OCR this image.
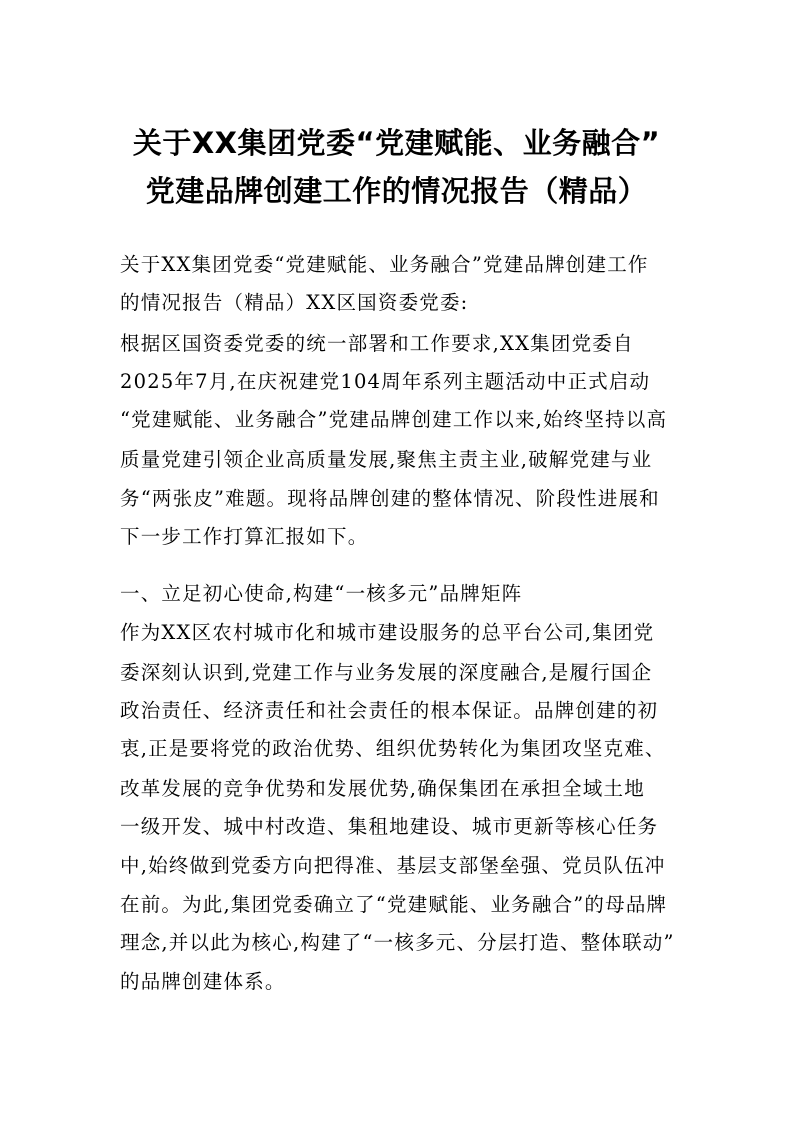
关于XX集团党委“党建赋能、业务融合”
党建品牌创建工作的情况报告（精品）
关于XX集团党委“党建赋能、业务融合”党建品牌创建工作
的情况报告（精品）XX区国资委党委:
根据区国资委党委的统一部署和工作要求,XX集团党委自
2025年7月,在庆祝建党104周年系列主题活动中正式启动
“党建赋能、业务融合”党建品牌创建工作以来,始终坚持以高
质量党建引领企业高质量发展,聚焦主责主业,破解党建与业
务“两张皮”难题。现将品牌创建的整体情况、阶段性进展和
下一步工作打算汇报如下。
一、立足初心使命,构建“一核多元”品牌矩阵
作为XX区农村城市化和城市建设服务的总平台公司,集团党
委深刻认识到,党建工作与业务发展的深度融合,是履行国企
政治责任、经济责任和社会责任的根本保证。品牌创建的初
衷,正是要将党的政治优势、组织优势转化为集团攻坚克难、
改革发展的竞争优势和发展优势,确保集团在承担全域土地
一级开发、城中村改造、集租地建设、城市更新等核心任务
中,始终做到党委方向把得准、基层支部堡垒强、党员队伍冲
在前。为此,集团党委确立了“党建赋能、业务融合”的母品牌
理念,并以此为核心,构建了“一核多元、分层打造、整体联动”
的品牌创建体系。
